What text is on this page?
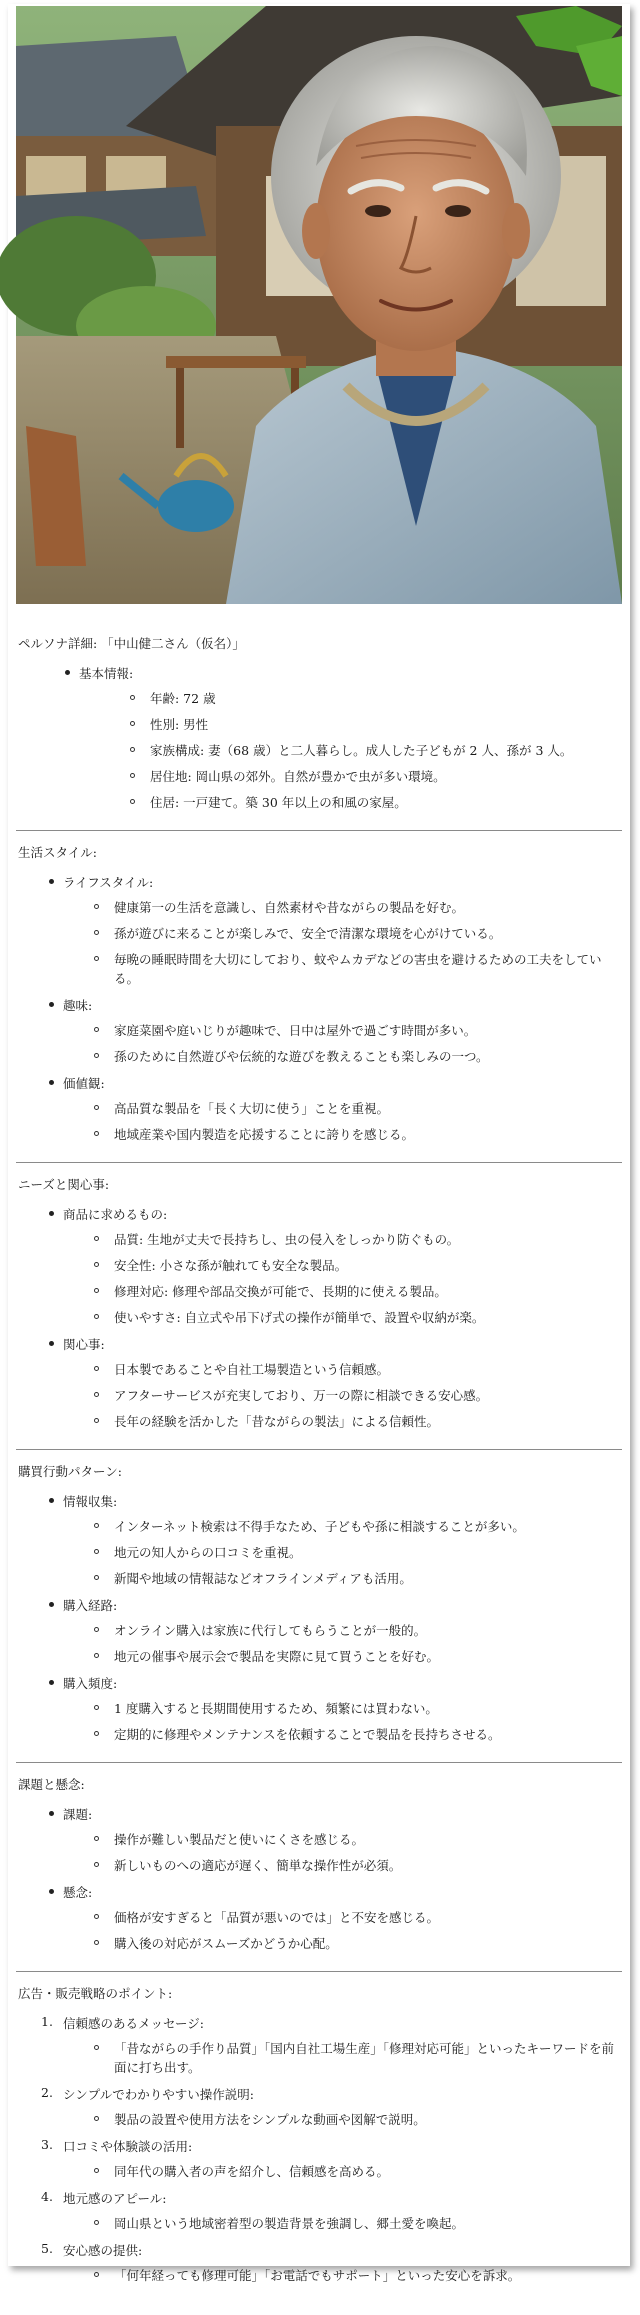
ペルソナ詳細: 「中山健二さん（仮名）」
基本情報:
年齢: 72 歳
性別: 男性
家族構成: 妻（68 歳）と二人暮らし。成人した子どもが 2 人、孫が 3 人。
居住地: 岡山県の郊外。自然が豊かで虫が多い環境。
住居: 一戸建て。築 30 年以上の和風の家屋。
生活スタイル:
ライフスタイル:
健康第一の生活を意識し、自然素材や昔ながらの製品を好む。
孫が遊びに来ることが楽しみで、安全で清潔な環境を心がけている。
毎晩の睡眠時間を大切にしており、蚊やムカデなどの害虫を避けるための工夫をしている。
趣味:
家庭菜園や庭いじりが趣味で、日中は屋外で過ごす時間が多い。
孫のために自然遊びや伝統的な遊びを教えることも楽しみの一つ。
価値観:
高品質な製品を「長く大切に使う」ことを重視。
地域産業や国内製造を応援することに誇りを感じる。
ニーズと関心事:
商品に求めるもの:
品質: 生地が丈夫で長持ちし、虫の侵入をしっかり防ぐもの。
安全性: 小さな孫が触れても安全な製品。
修理対応: 修理や部品交換が可能で、長期的に使える製品。
使いやすさ: 自立式や吊下げ式の操作が簡単で、設置や収納が楽。
関心事:
日本製であることや自社工場製造という信頼感。
アフターサービスが充実しており、万一の際に相談できる安心感。
長年の経験を活かした「昔ながらの製法」による信頼性。
購買行動パターン:
情報収集:
インターネット検索は不得手なため、子どもや孫に相談することが多い。
地元の知人からの口コミを重視。
新聞や地域の情報誌などオフラインメディアも活用。
購入経路:
オンライン購入は家族に代行してもらうことが一般的。
地元の催事や展示会で製品を実際に見て買うことを好む。
購入頻度:
1 度購入すると長期間使用するため、頻繁には買わない。
定期的に修理やメンテナンスを依頼することで製品を長持ちさせる。
課題と懸念:
課題:
操作が難しい製品だと使いにくさを感じる。
新しいものへの適応が遅く、簡単な操作性が必須。
懸念:
価格が安すぎると「品質が悪いのでは」と不安を感じる。
購入後の対応がスムーズかどうか心配。
広告・販売戦略のポイント:
1. 信頼感のあるメッセージ:
「昔ながらの手作り品質」「国内自社工場生産」「修理対応可能」といったキーワードを前面に打ち出す。
2. シンプルでわかりやすい操作説明:
製品の設置や使用方法をシンプルな動画や図解で説明。
3. 口コミや体験談の活用:
同年代の購入者の声を紹介し、信頼感を高める。
4. 地元感のアピール:
岡山県という地域密着型の製造背景を強調し、郷土愛を喚起。
5. 安心感の提供:
「何年経っても修理可能」「お電話でもサポート」といった安心を訴求。
